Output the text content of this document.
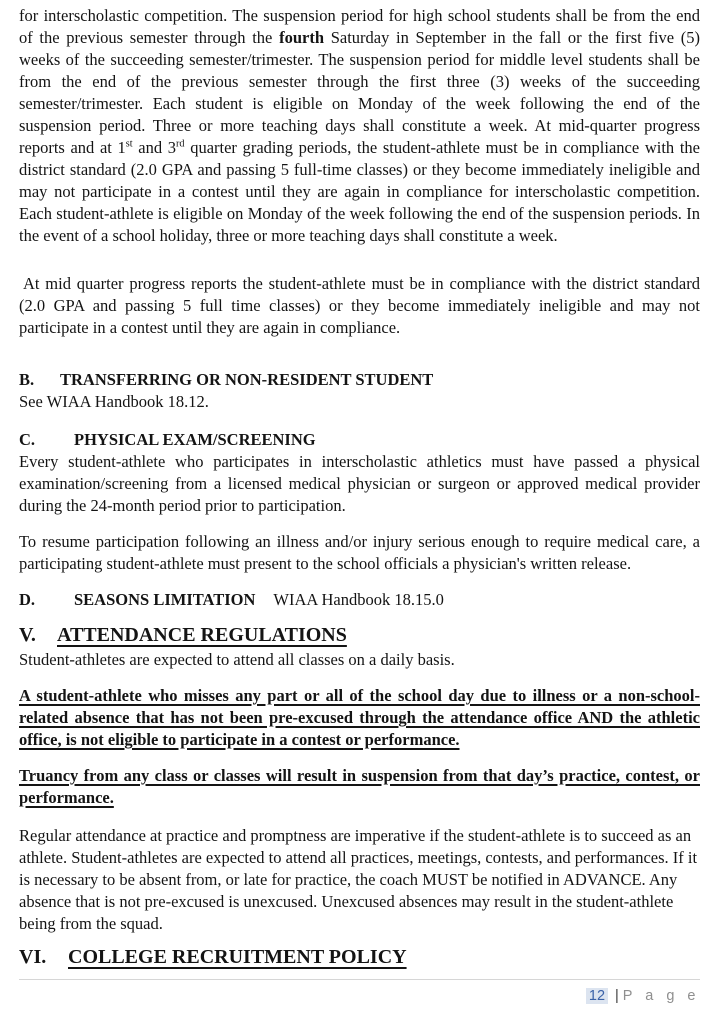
for interscholastic competition. The suspension period for high school students shall be from the end of the previous semester through the fourth Saturday in September in the fall or the first five (5) weeks of the succeeding semester/trimester. The suspension period for middle level students shall be from the end of the previous semester through the first three (3) weeks of the succeeding semester/trimester. Each student is eligible on Monday of the week following the end of the suspension period. Three or more teaching days shall constitute a week. At mid-quarter progress reports and at 1st and 3rd quarter grading periods, the student-athlete must be in compliance with the district standard (2.0 GPA and passing 5 full-time classes) or they become immediately ineligible and may not participate in a contest until they are again in compliance for interscholastic competition. Each student-athlete is eligible on Monday of the week following the end of the suspension periods. In the event of a school holiday, three or more teaching days shall constitute a week.

At mid quarter progress reports the student-athlete must be in compliance with the district standard (2.0 GPA and passing 5 full time classes) or they become immediately ineligible and may not participate in a contest until they are again in compliance.

B.	TRANSFERRING OR NON-RESIDENT STUDENT

See WIAA Handbook 18.12.

C.	PHYSICAL EXAM/SCREENING

Every student-athlete who participates in interscholastic athletics must have passed a physical examination/screening from a licensed medical physician or surgeon or approved medical provider during the 24-month period prior to participation.

To resume participation following an illness and/or injury serious enough to require medical care, a participating student-athlete must present to the school officials a physician's written release.

D.	SEASONS LIMITATION WIAA Handbook 18.15.0
V.	ATTENDANCE REGULATIONS

Student-athletes are expected to attend all classes on a daily basis.

A student-athlete who misses any part or all of the school day due to illness or a non-school-related absence that has not been pre-excused through the attendance office AND the athletic office, is not eligible to participate in a contest or performance.

Truancy from any class or classes will result in suspension from that day’s practice, contest, or performance.

Regular attendance at practice and promptness are imperative if the student-athlete is to succeed as an athlete. Student-athletes are expected to attend all practices, meetings, contests, and performances. If it is necessary to be absent from, or late for practice, the coach MUST be notified in ADVANCE. Any absence that is not pre-excused is unexcused. Unexcused absences may result in the student-athlete being from the squad.

VI.	COLLEGE RECRUITMENT POLICY
12 | P a g e
